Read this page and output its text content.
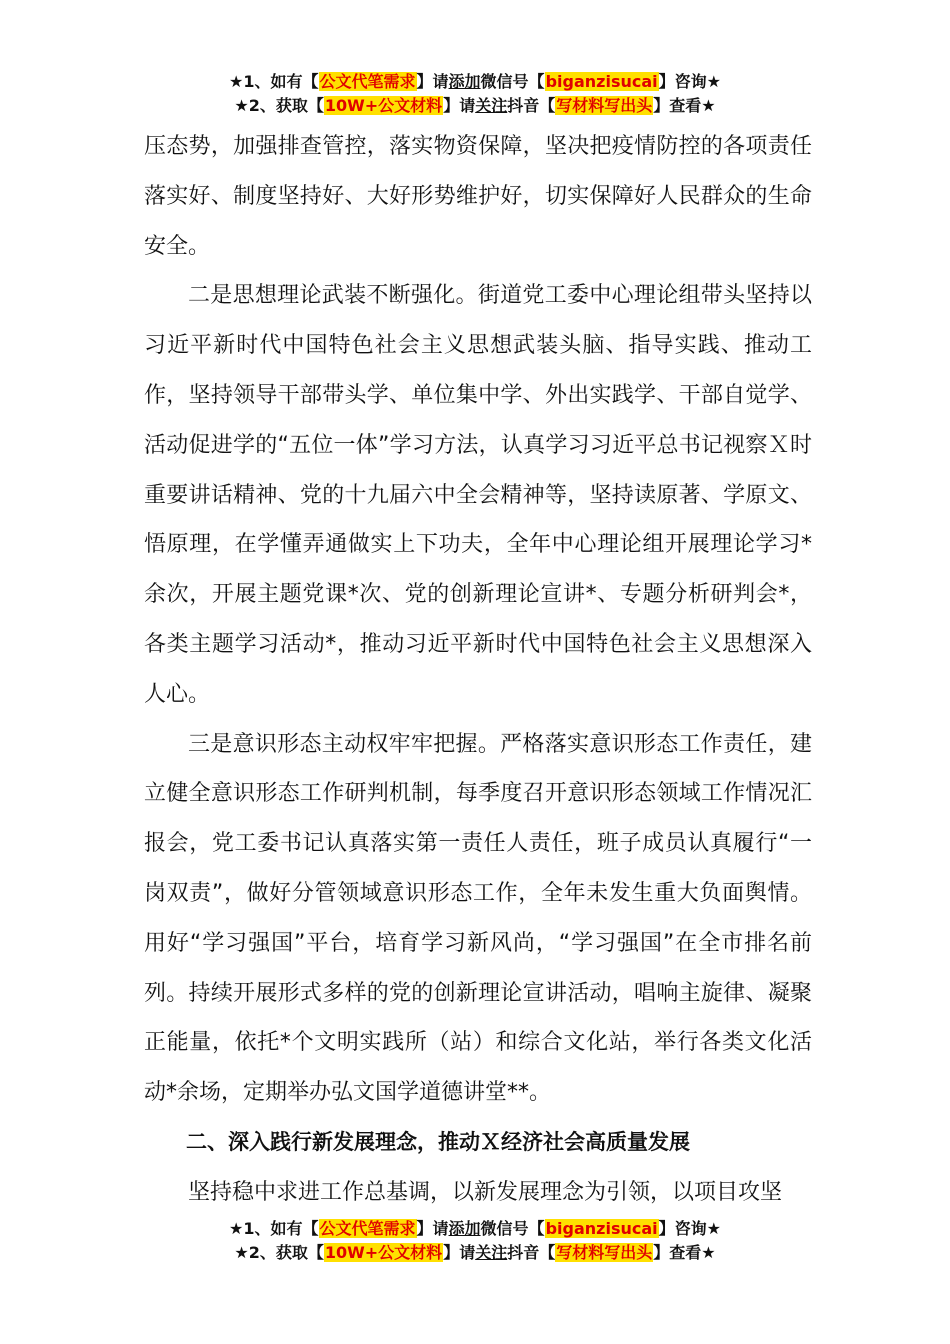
★1、如有【公文代笔需求】请添加微信号【biganzisucai】咨询★
★2、获取【10W+公文材料】请关注抖音【写材料写出头】查看★

压态势，加强排查管控，落实物资保障，坚决把疫情防控的各项责任落实好、制度坚持好、大好形势维护好，切实保障好人民群众的生命安全。

二是思想理论武装不断强化。街道党工委中心理论组带头坚持以习近平新时代中国特色社会主义思想武装头脑、指导实践、推动工作，坚持领导干部带头学、单位集中学、外出实践学、干部自觉学、活动促进学的“五位一体”学习方法，认真学习习近平总书记视察Ｘ时重要讲话精神、党的十九届六中全会精神等，坚持读原著、学原文、悟原理，在学懂弄通做实上下功夫，全年中心理论组开展理论学习*余次，开展主题党课*次、党的创新理论宣讲*、专题分析研判会*，各类主题学习活动*，推动习近平新时代中国特色社会主义思想深入人心。

三是意识形态主动权牢牢把握。严格落实意识形态工作责任，建立健全意识形态工作研判机制，每季度召开意识形态领域工作情况汇报会，党工委书记认真落实第一责任人责任，班子成员认真履行“一岗双责”，做好分管领域意识形态工作，全年未发生重大负面舆情。用好“学习强国”平台，培育学习新风尚，“学习强国”在全市排名前列。持续开展形式多样的党的创新理论宣讲活动，唱响主旋律、凝聚正能量，依托*个文明实践所（站）和综合文化站，举行各类文化活动*余场，定期举办弘文国学道德讲堂**。

二、深入践行新发展理念，推动Ｘ经济社会高质量发展

坚持稳中求进工作总基调，以新发展理念为引领，以项目攻坚

★1、如有【公文代笔需求】请添加微信号【biganzisucai】咨询★
★2、获取【10W+公文材料】请关注抖音【写材料写出头】查看★
